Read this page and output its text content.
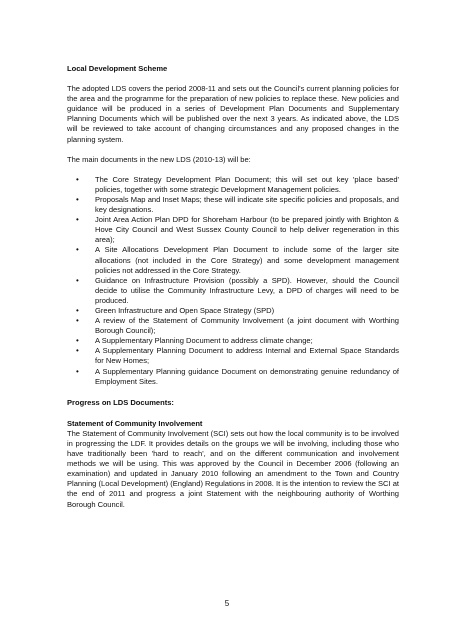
Local Development Scheme

The adopted LDS covers the period 2008-11 and sets out the Council's current planning policies for the area and the programme for the preparation of new policies to replace these. New policies and guidance will be produced in a series of Development Plan Documents and Supplementary Planning Documents which will be published over the next 3 years. As indicated above, the LDS will be reviewed to take account of changing circumstances and any proposed changes in the planning system.

The main documents in the new LDS (2010-13) will be:

• The Core Strategy Development Plan Document; this will set out key 'place based' policies, together with some strategic Development Management policies.
• Proposals Map and Inset Maps; these will indicate site specific policies and proposals, and key designations.
• Joint Area Action Plan DPD for Shoreham Harbour (to be prepared jointly with Brighton & Hove City Council and West Sussex County Council to help deliver regeneration in this area);
• A Site Allocations Development Plan Document to include some of the larger site allocations (not included in the Core Strategy) and some development management policies not addressed in the Core Strategy.
• Guidance on Infrastructure Provision (possibly a SPD). However, should the Council decide to utilise the Community Infrastructure Levy, a DPD of charges will need to be produced.
• Green Infrastructure and Open Space Strategy (SPD)
• A review of the Statement of Community Involvement (a joint document with Worthing Borough Council);
• A Supplementary Planning Document to address climate change;
• A Supplementary Planning Document to address Internal and External Space Standards for New Homes;
• A Supplementary Planning guidance Document on demonstrating genuine redundancy of Employment Sites.

Progress on LDS Documents:

Statement of Community Involvement

The Statement of Community Involvement (SCI) sets out how the local community is to be involved in progressing the LDF. It provides details on the groups we will be involving, including those who have traditionally been 'hard to reach', and on the different communication and involvement methods we will be using. This was approved by the Council in December 2006 (following an examination) and updated in January 2010 following an amendment to the Town and Country Planning (Local Development) (England) Regulations in 2008. It is the intention to review the SCI at the end of 2011 and progress a joint Statement with the neighbouring authority of Worthing Borough Council.

5
